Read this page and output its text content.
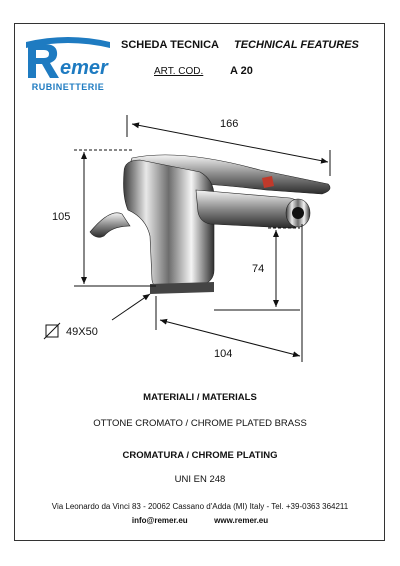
emer
RUBINETTERIE
SCHEDA TECNICA TECHNICAL FEATURES
ART. COD. A 20
166
105
74
104
49X50
MATERIALI / MATERIALS
OTTONE CROMATO / CHROME PLATED BRASS
CROMATURA / CHROME PLATING
UNI EN 248
Via Leonardo da Vinci 83 - 20062 Cassano d'Adda (MI) Italy - Tel. +39-0363 364211
info@remer.eu	www.remer.eu
